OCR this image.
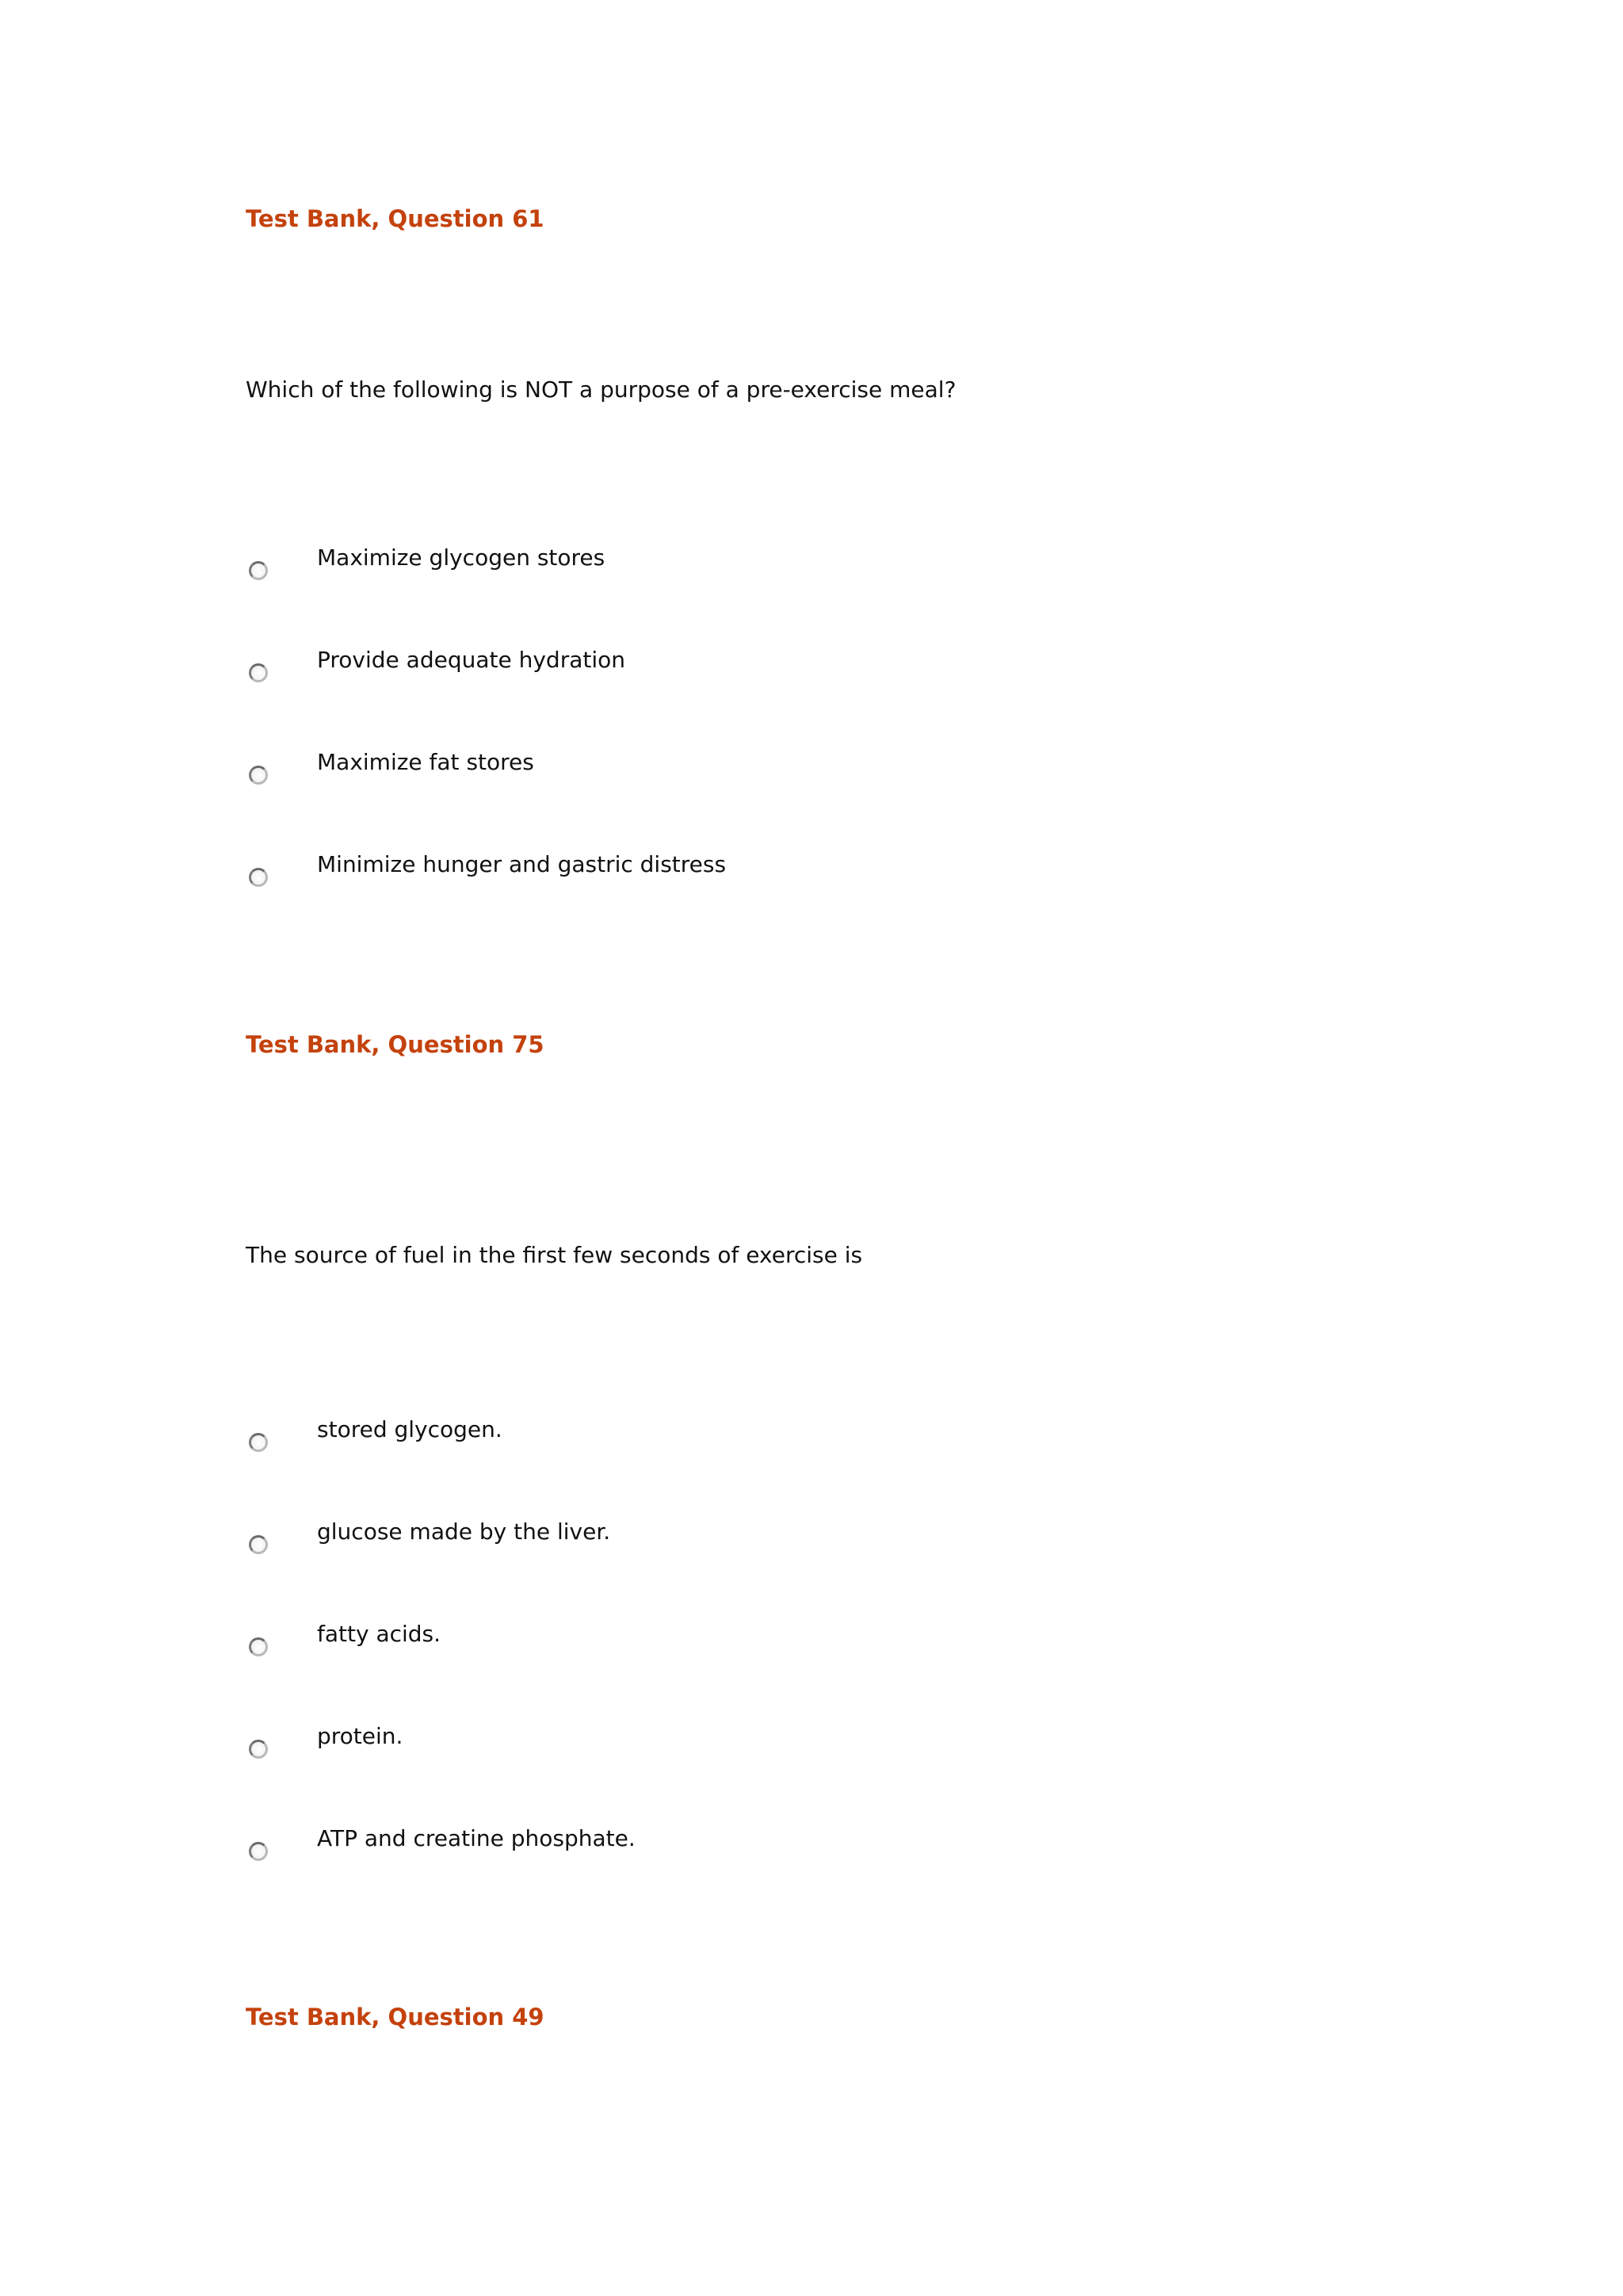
Test Bank, Question 61
Which of the following is NOT a purpose of a pre-exercise meal?
Maximize glycogen stores
Provide adequate hydration
Maximize fat stores
Minimize hunger and gastric distress
Test Bank, Question 75
The source of fuel in the first few seconds of exercise is
stored glycogen.
glucose made by the liver.
fatty acids.
protein.
ATP and creatine phosphate.
Test Bank, Question 49
